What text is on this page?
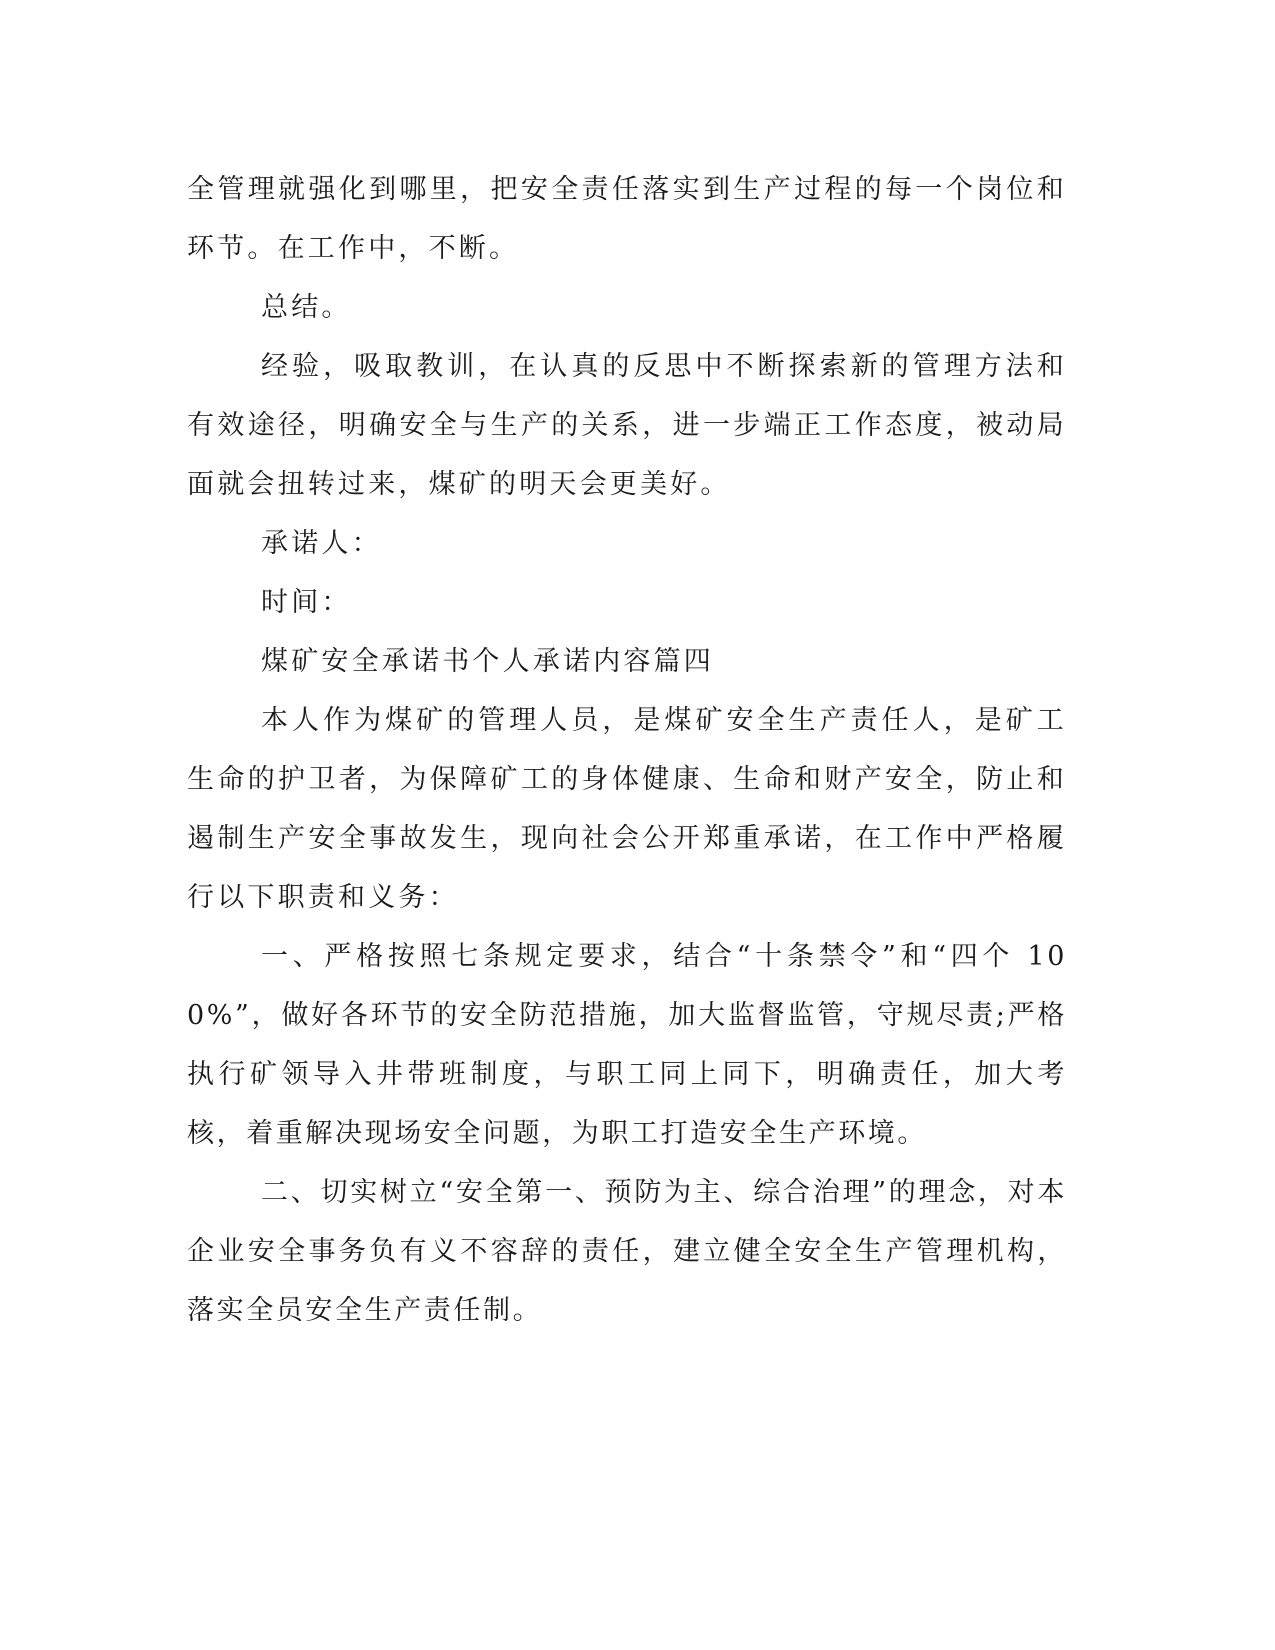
全管理就强化到哪里，把安全责任落实到生产过程的每一个岗位和环节。在工作中，不断。

总结。

经验，吸取教训，在认真的反思中不断探索新的管理方法和有效途径，明确安全与生产的关系，进一步端正工作态度，被动局面就会扭转过来，煤矿的明天会更美好。

承诺人：

时间：

煤矿安全承诺书个人承诺内容篇四

本人作为煤矿的管理人员，是煤矿安全生产责任人，是矿工生命的护卫者，为保障矿工的身体健康、生命和财产安全，防止和遏制生产安全事故发生，现向社会公开郑重承诺，在工作中严格履行以下职责和义务：

一、严格按照七条规定要求，结合“十条禁令”和“四个 100%”，做好各环节的安全防范措施，加大监督监管，守规尽责;严格执行矿领导入井带班制度，与职工同上同下，明确责任，加大考核，着重解决现场安全问题，为职工打造安全生产环境。

二、切实树立“安全第一、预防为主、综合治理”的理念，对本企业安全事务负有义不容辞的责任，建立健全安全生产管理机构，落实全员安全生产责任制。
